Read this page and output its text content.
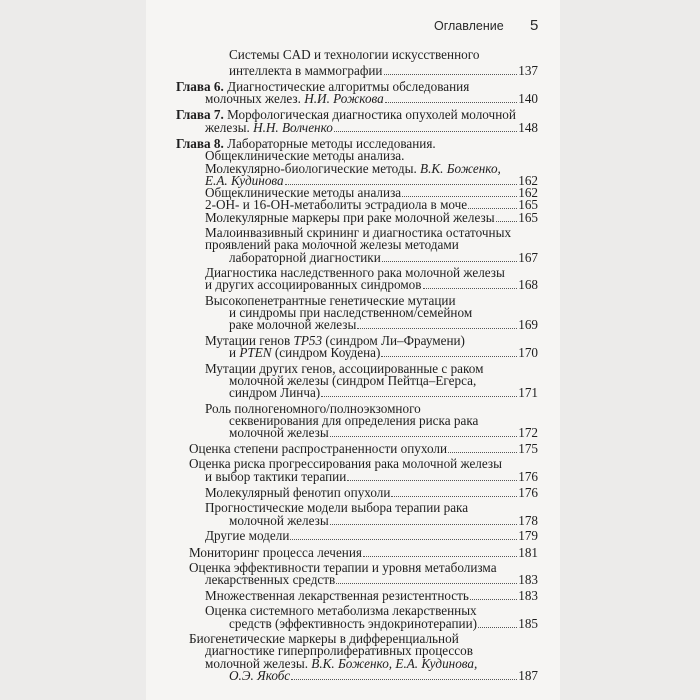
Оглавление 5
Системы CAD и технологии искусственного
интеллекта в маммографии	137
Глава 6. Диагностические алгоритмы обследования
молочных желез. Н.И. Рожкова	140
Глава 7. Морфологическая диагностика опухолей молочной
железы. Н.Н. Волченко	148
Глава 8. Лабораторные методы исследования.
Общеклинические методы анализа.
Молекулярно-биологические методы. В.К. Боженко,
Е.А. Кудинова	162
Общеклинические методы анализа	162
2-OH- и 16-OH-метаболиты эстрадиола в моче	165
Молекулярные маркеры при раке молочной железы 165
Малоинвазивный скрининг и диагностика остаточных
проявлений рака молочной железы методами
лабораторной диагностики	167
Диагностика наследственного рака молочной железы
и других ассоциированных синдромов	168
Высокопенетрантные генетические мутации
и синдромы при наследственном/семейном
раке молочной железы	169
Мутации генов TP53 (синдром Ли–Фраумени)
и PTEN (синдром Коудена)	170
Мутации других генов, ассоциированные с раком
молочной железы (синдром Пейтца–Егерса,
синдром Линча)	171
Роль полногеномного/полноэкзомного
секвенирования для определения риска рака
молочной железы	172
Оценка степени распространенности опухоли	175
Оценка риска прогрессирования рака молочной железы
и выбор тактики терапии	176
Молекулярный фенотип опухоли	176
Прогностические модели выбора терапии рака
молочной железы	178
Другие модели	179
Мониторинг процесса лечения	181
Оценка эффективности терапии и уровня метаболизма
лекарственных средств	183
Множественная лекарственная резистентность	183
Оценка системного метаболизма лекарственных
средств (эффективность эндокринотерапии)	185
Биогенетические маркеры в дифференциальной
диагностике гиперпролиферативных процессов
молочной железы. В.К. Боженко, Е.А. Кудинова,
О.Э. Якобс	187
